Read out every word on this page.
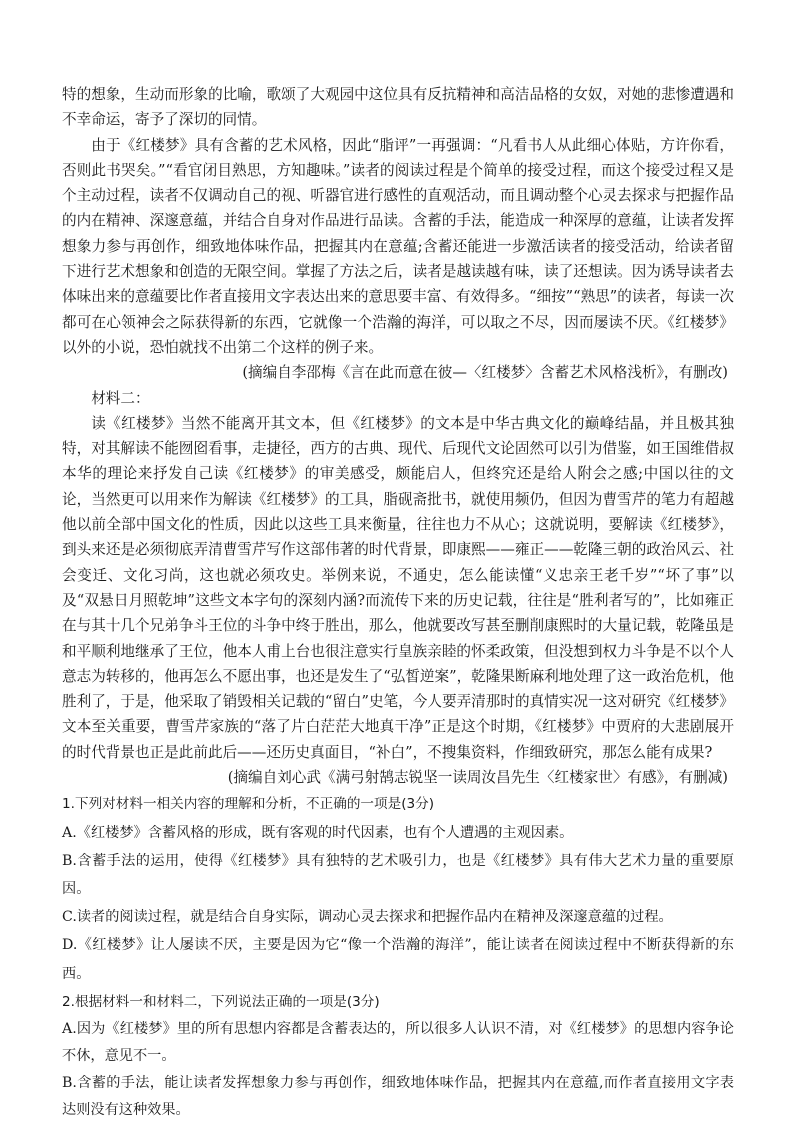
特的想象，生动而形象的比喻，歌颂了大观园中这位具有反抗精神和高洁品格的女奴，对她的悲惨遭遇和不幸命运，寄予了深切的同情。

由于《红楼梦》具有含蓄的艺术风格，因此“脂评”一再强调：“凡看书人从此细心体贴，方许你看，否则此书哭矣。”“看官闭目熟思，方知趣味。”读者的阅读过程是个简单的接受过程，而这个接受过程又是个主动过程，读者不仅调动自己的视、听器官进行感性的直观活动，而且调动整个心灵去探求与把握作品的内在精神、深邃意蕴，并结合自身对作品进行品读。含蓄的手法，能造成一种深厚的意蕴，让读者发挥想象力参与再创作，细致地体味作品，把握其内在意蕴;含蓄还能进一步激活读者的接受活动，给读者留下进行艺术想象和创造的无限空间。掌握了方法之后，读者是越读越有味，读了还想读。因为诱导读者去体味出来的意蕴要比作者直接用文字表达出来的意思要丰富、有效得多。“细按”“熟思”的读者，每读一次都可在心领神会之际获得新的东西，它就像一个浩瀚的海洋，可以取之不尽，因而屡读不厌。《红楼梦》以外的小说，恐怕就找不出第二个这样的例子来。

(摘编自李邵梅《言在此而意在彼—〈红楼梦〉含蓄艺术风格浅析》，有删改)

材料二：

读《红楼梦》当然不能离开其文本，但《红楼梦》的文本是中华古典文化的巅峰结晶，并且极其独特，对其解读不能囫囵看事，走捷径，西方的古典、现代、后现代文论固然可以引为借鉴，如王国维借叔本华的理论来抒发自己读《红楼梦》的审美感受，颇能启人，但终究还是给人附会之感;中国以往的文论，当然更可以用来作为解读《红楼梦》的工具，脂砚斋批书，就使用频仍，但因为曹雪芹的笔力有超越他以前全部中国文化的性质，因此以这些工具来衡量，往往也力不从心；这就说明，要解读《红楼梦》，到头来还是必须彻底弄清曹雪芹写作这部伟著的时代背景，即康熙——雍正——乾隆三朝的政治风云、社会变迁、文化习尚，这也就必须攻史。举例来说，不通史，怎么能读懂“义忠亲王老千岁”“坏了事”以及“双悬日月照乾坤”这些文本字句的深刻内涵?而流传下来的历史记载，往往是“胜利者写的”，比如雍正在与其十几个兄弟争斗王位的斗争中终于胜出，那么，他就要改写甚至删削康熙时的大量记载，乾隆虽是和平顺利地继承了王位，他本人甫上台也很注意实行皇族亲睦的怀柔政策，但没想到权力斗争是不以个人意志为转移的，他再怎么不愿出事，也还是发生了“弘皙逆案”，乾隆果断麻利地处理了这一政治危机，他胜利了，于是，他采取了销毁相关记载的“留白”史笔，今人要弄清那时的真情实况一这对研究《红楼梦》文本至关重要，曹雪芹家族的“落了片白茫茫大地真干净”正是这个时期，《红楼梦》中贾府的大悲剧展开的时代背景也正是此前此后——还历史真面目，“补白”，不搜集资料，作细致研究，那怎么能有成果?

(摘编自刘心武《满弓射鹄志锐坚一读周汝昌先生〈红楼家世〉有感》，有删减)

1.下列对材料一相关内容的理解和分析，不正确的一项是(3分)

A.《红楼梦》含蓄风格的形成，既有客观的时代因素，也有个人遭遇的主观因素。

B.含蓄手法的运用，使得《红楼梦》具有独特的艺术吸引力，也是《红楼梦》具有伟大艺术力量的重要原因。

C.读者的阅读过程，就是结合自身实际，调动心灵去探求和把握作品内在精神及深邃意蕴的过程。

D.《红楼梦》让人屡读不厌，主要是因为它“像一个浩瀚的海洋”，能让读者在阅读过程中不断获得新的东西。

2.根据材料一和材料二，下列说法正确的一项是(3分)

A.因为《红楼梦》里的所有思想内容都是含蓄表达的，所以很多人认识不清，对《红楼梦》的思想内容争论不休，意见不一。

B.含蓄的手法，能让读者发挥想象力参与再创作，细致地体味作品，把握其内在意蕴,而作者直接用文字表达则没有这种效果。
